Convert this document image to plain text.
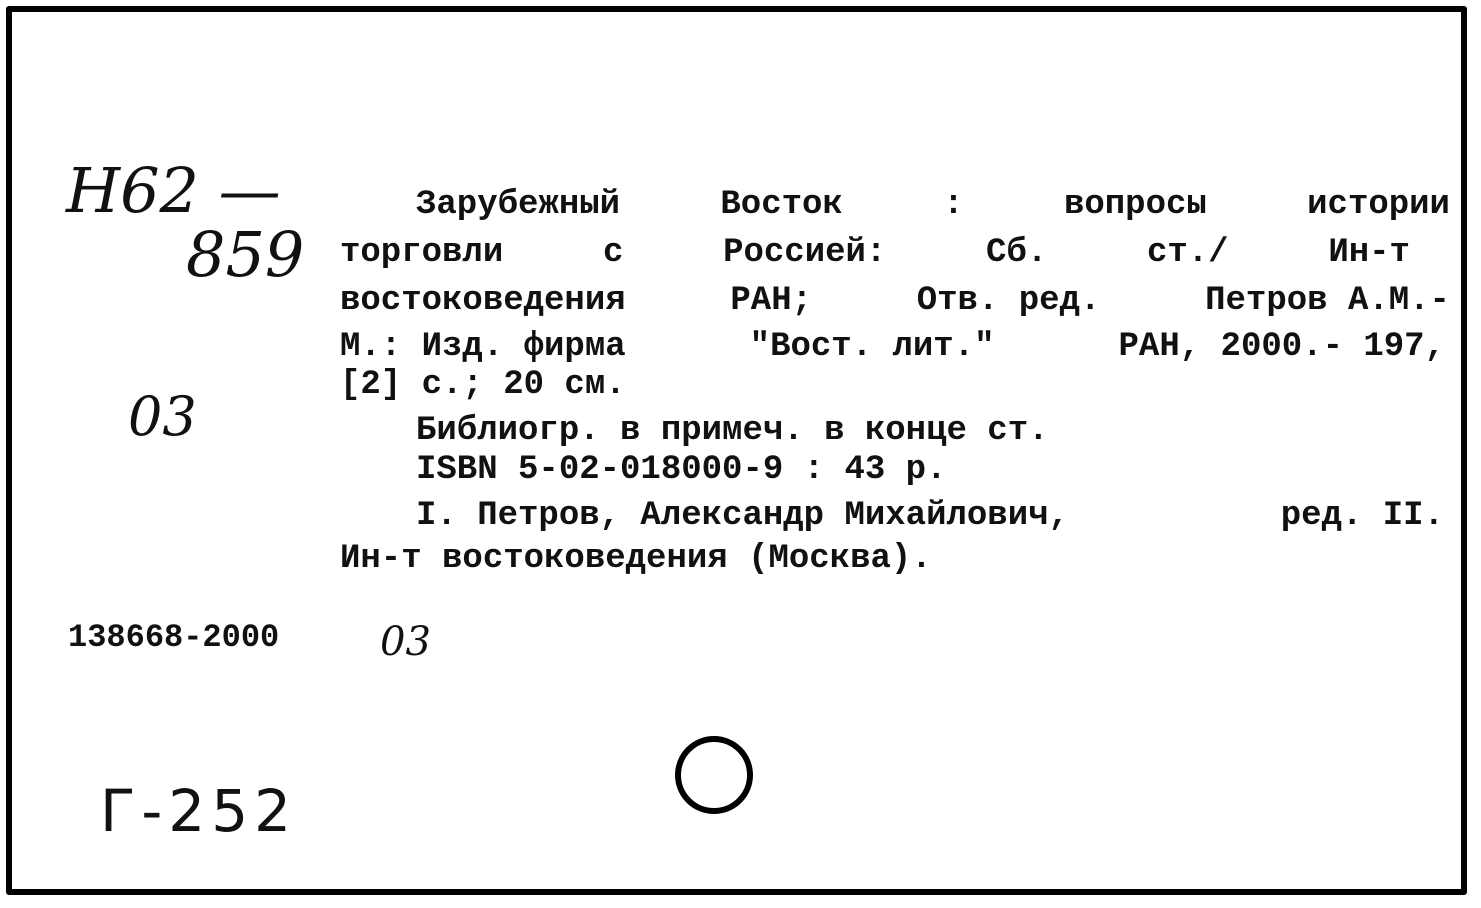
Н62 —
859
03
03
Г-252
Зарубежный	Восток	:	вопросы	истории
торговли	с	Россией:	Сб.	ст./	Ин-т
востоковедения	РАН;	Отв. ред.	Петров А.М.-
М.: Изд. фирма	"Вост. лит."	РАН, 2000.- 197,
[2] с.; 20 см.
Библиогр. в примеч. в конце ст.
ISBN 5-02-018000-9 : 43 р.
I. Петров, Александр Михайлович,	ред. II.
Ин-т востоковедения (Москва).
138668-2000
